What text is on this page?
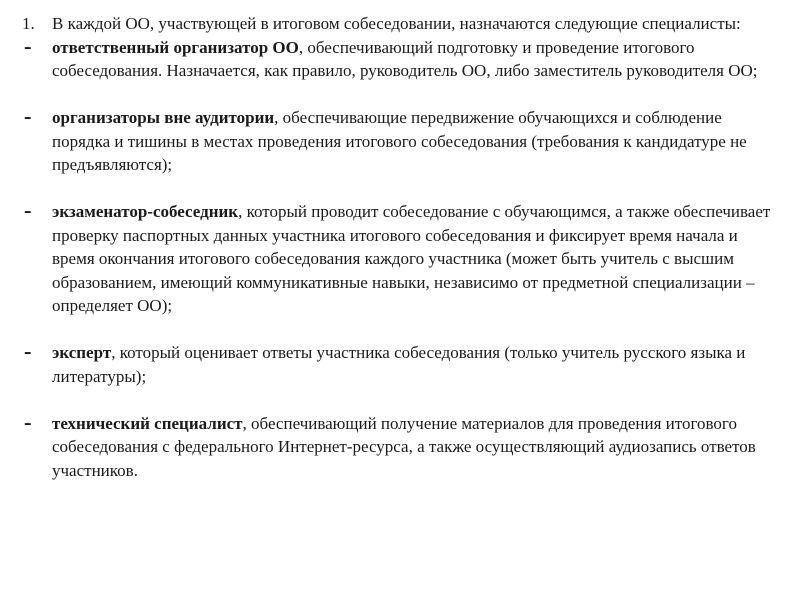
1. В каждой ОО, участвующей в итоговом собеседовании, назначаются следующие специалисты:
– ответственный организатор ОО, обеспечивающий подготовку и проведение итогового собеседования. Назначается, как правило, руководитель ОО, либо заместитель руководителя ОО;
– организаторы вне аудитории, обеспечивающие передвижение обучающихся и соблюдение порядка и тишины в местах проведения итогового собеседования (требования к кандидатуре не предъявляются);
– экзаменатор-собеседник, который проводит собеседование с обучающимся, а также обеспечивает проверку паспортных данных участника итогового собеседования и фиксирует время начала и время окончания итогового собеседования каждого участника (может быть учитель с высшим образованием, имеющий коммуникативные навыки, независимо от предметной специализации – определяет ОО);
– эксперт, который оценивает ответы участника собеседования (только учитель русского языка и литературы);
– технический специалист, обеспечивающий получение материалов для проведения итогового собеседования с федерального Интернет-ресурса, а также осуществляющий аудиозапись ответов участников.
